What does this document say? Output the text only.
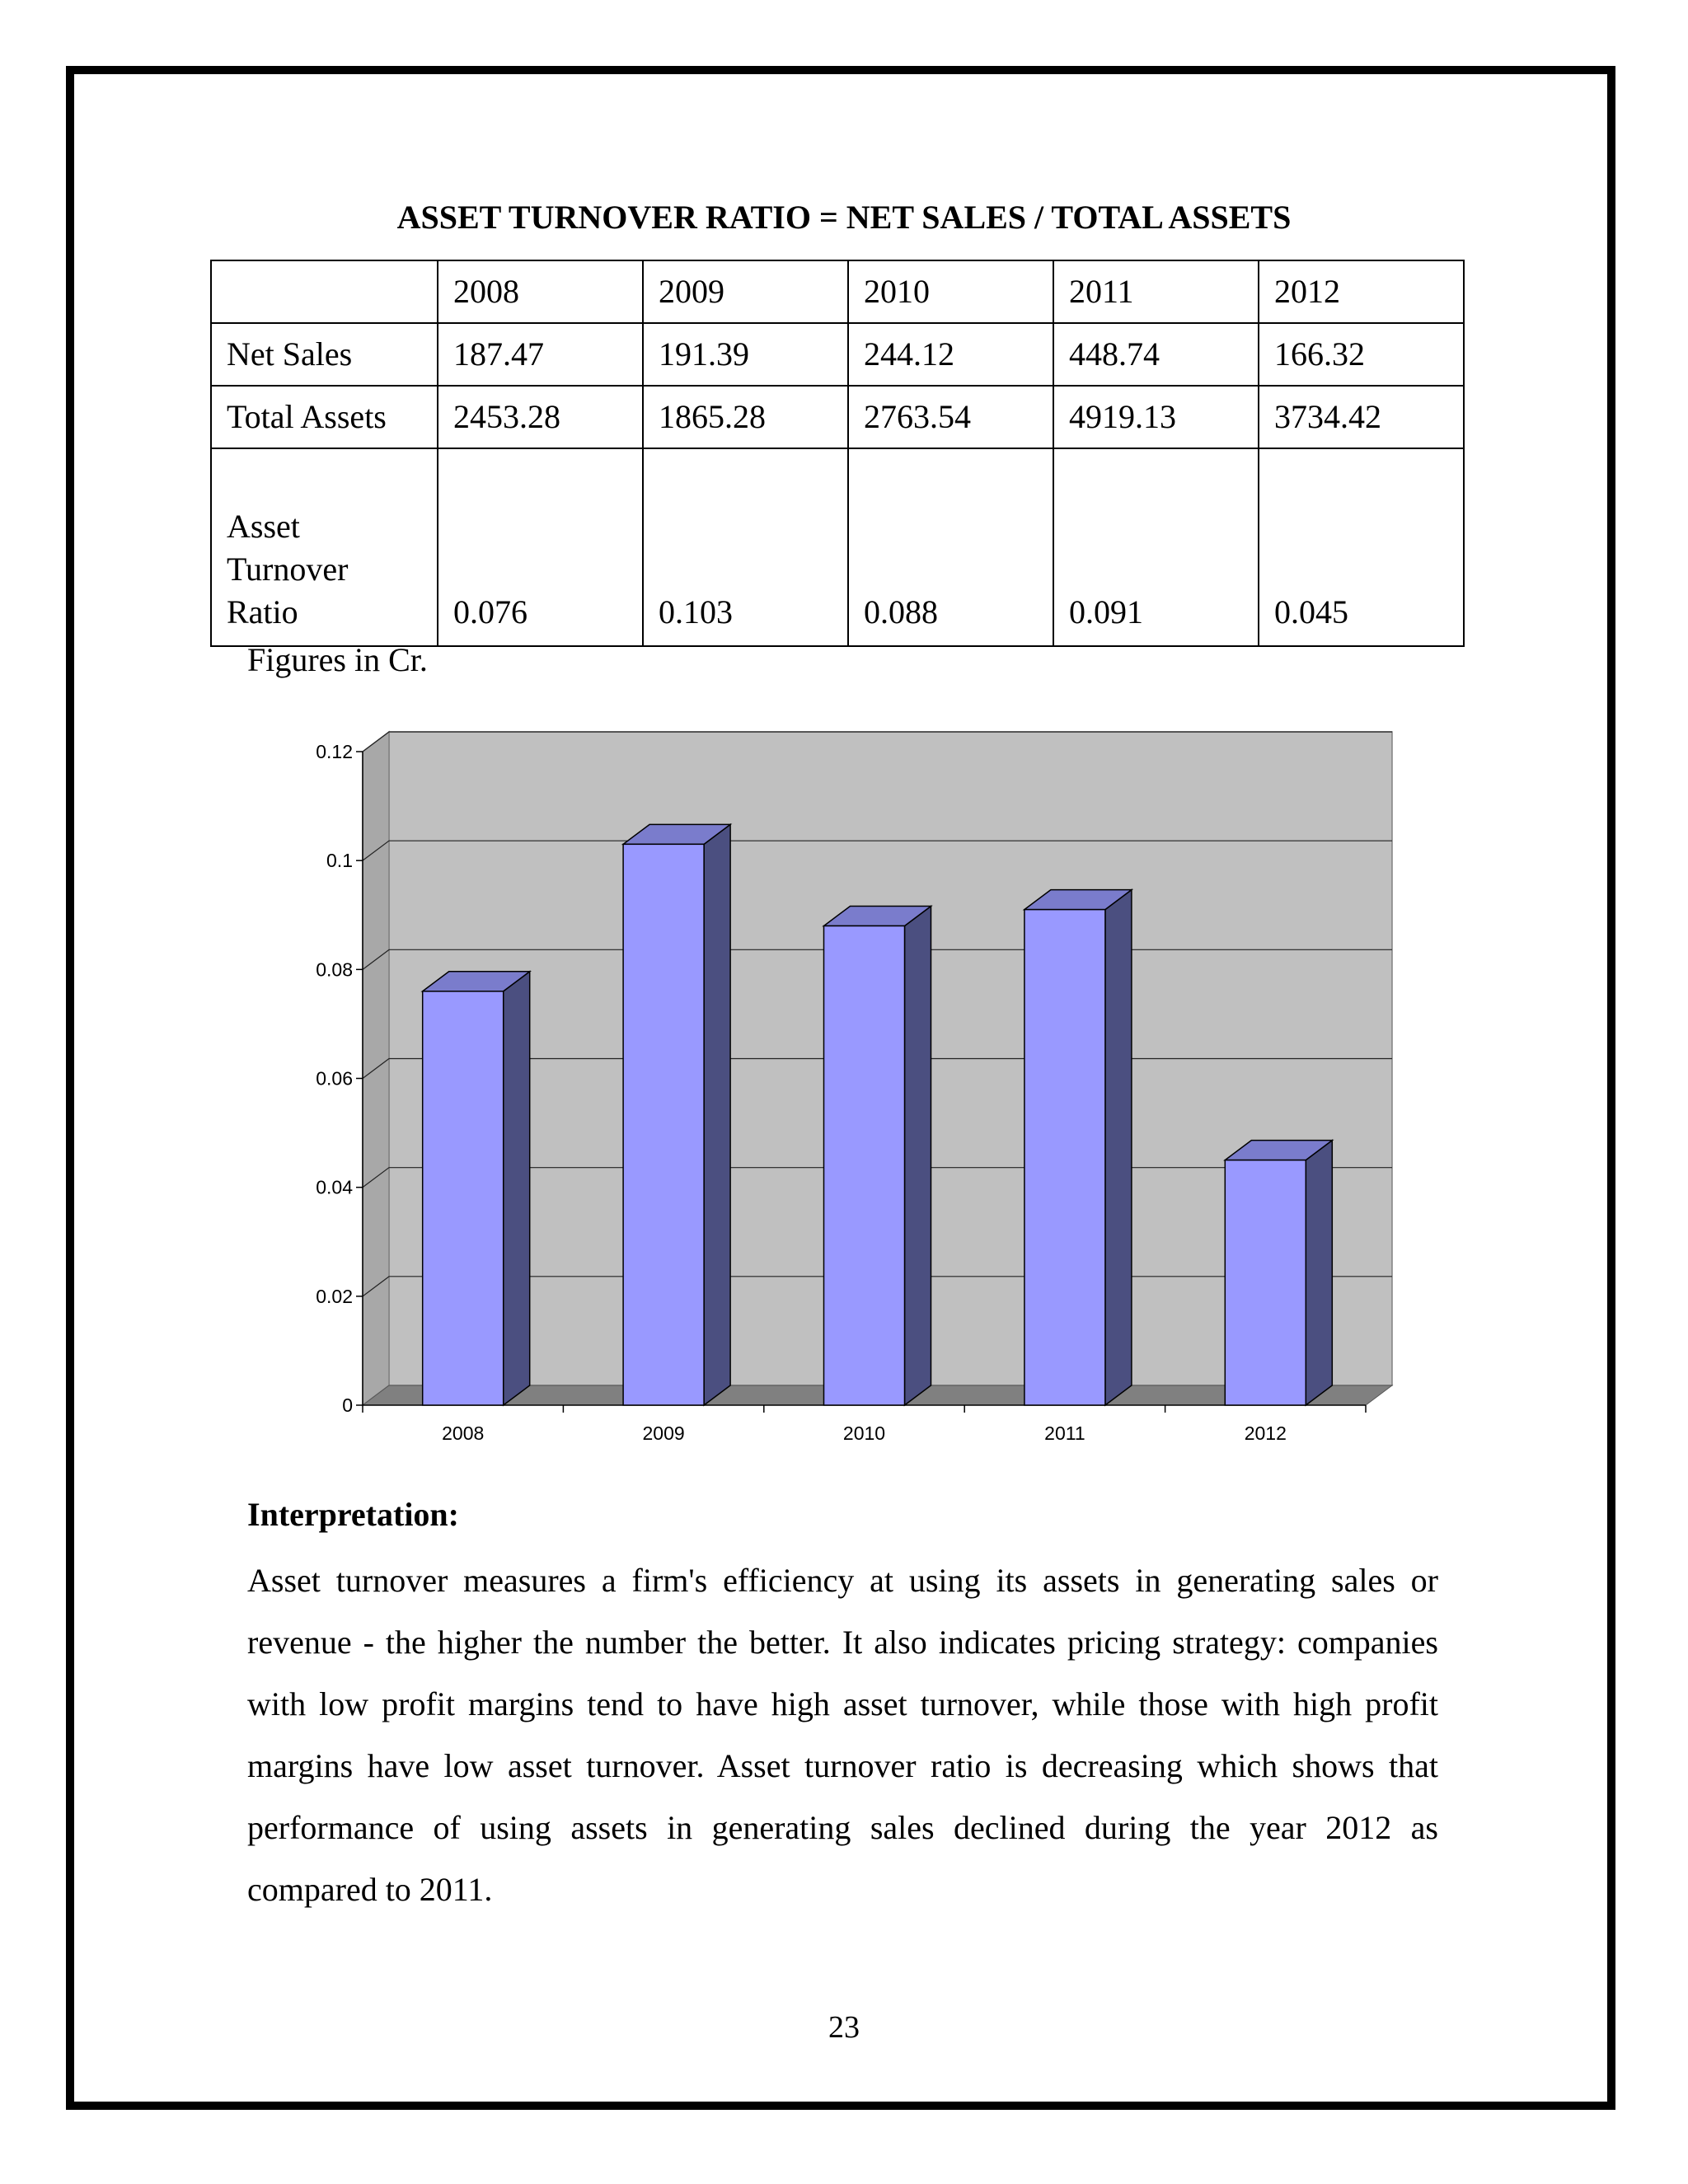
ASSET TURNOVER RATIO = NET SALES / TOTAL ASSETS
	2008	2009	2010	2011	2012
Net Sales	187.47	191.39	244.12	448.74	166.32
Total Assets	2453.28	1865.28	2763.54	4919.13	3734.42

Asset
Turnover
Ratio	0.076	0.103	0.088	0.091	0.045
Figures in Cr.
0
0.02
0.04
0.06
0.08
0.1
0.12
2008	2009	2010	2011	2012
Interpretation:
Asset turnover measures a firm's efficiency at using its assets in generating sales or revenue - the higher the number the better. It also indicates pricing strategy: companies with low profit margins tend to have high asset turnover, while those with high profit margins have low asset turnover. Asset turnover ratio is decreasing which shows that performance of using assets in generating sales declined during the year 2012 as compared to 2011.
23
